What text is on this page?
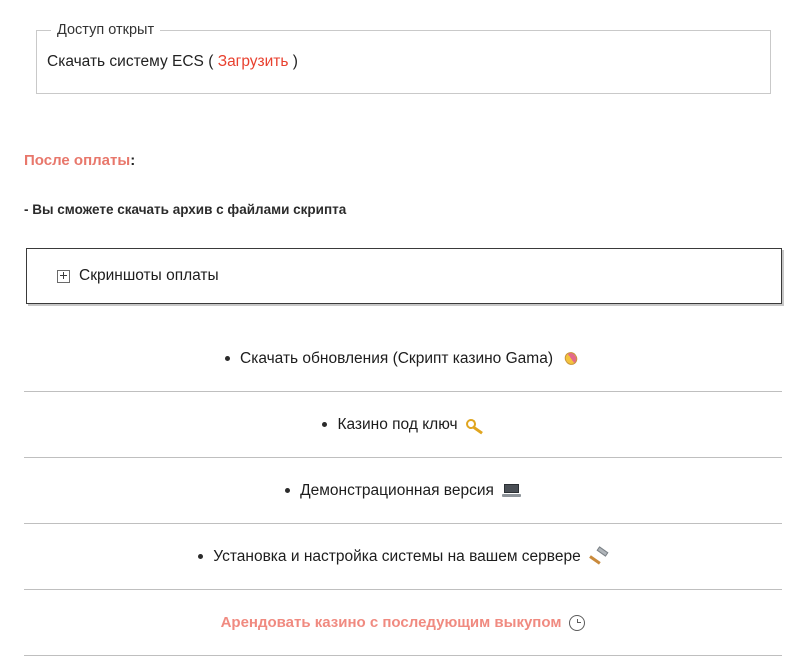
Доступ открыт
Скачать систему ECS ( Загрузить )
После оплаты:
- Вы сможете скачать архив с файлами скрипта
Скриншоты оплаты
Скачать обновления (Скрипт казино Gama)
Казино под ключ
Демонстрационная версия
Установка и настройка системы на вашем сервере
Арендовать казино с последующим выкупом
